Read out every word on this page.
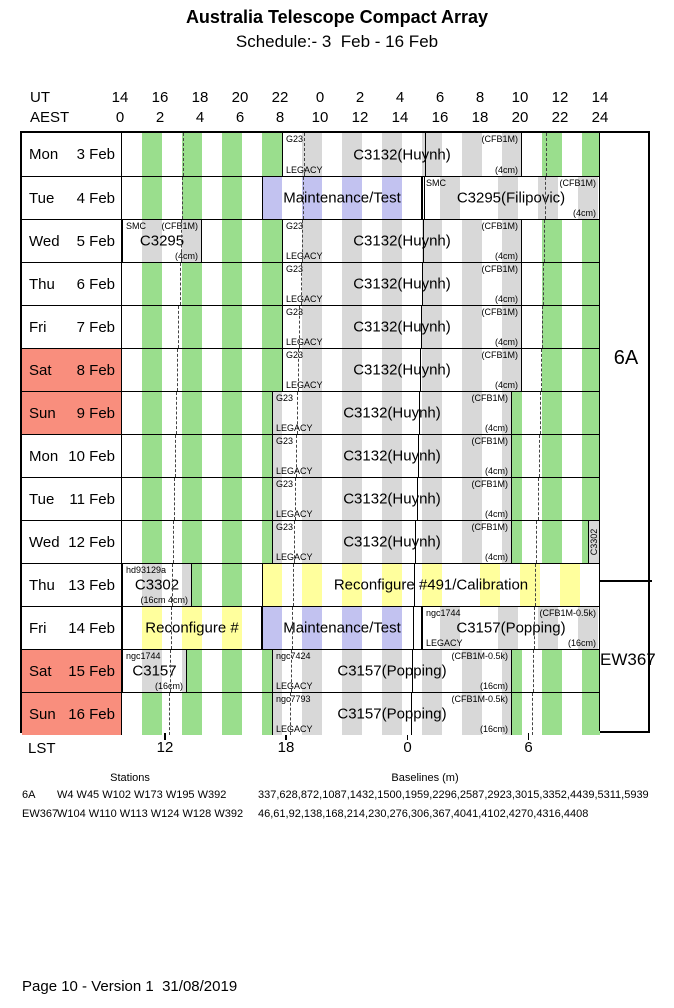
Australia Telescope Compact Array
Schedule:- 3  Feb - 16 Feb
UT
AEST
14 16 18 20 22 0 2 4 6 8 10 12 14
0 2 4 6 8 10 12 14 16 18 20 22 24
Mon 3 Feb	C3132(Huynh)
G23
LEGACY
(CFB1M)
(4cm)
Tue 4 Feb	Maintenance/Test	C3295(Filipovic)
SMC	(CFB1M)
(4cm)
Wed 5 Feb	C3295
SMC (CFB1M)
(4cm)
C3132(Huynh)
G23
LEGACY
(CFB1M)
(4cm)
Thu 6 Feb	C3132(Huynh)
G23
LEGACY
(CFB1M)
(4cm)
Fri 7 Feb	C3132(Huynh)
G23
LEGACY
(CFB1M)
(4cm)
Sat 8 Feb	C3132(Huynh)
G23
LEGACY
(CFB1M)
(4cm)
Sun 9 Feb	C3132(Huynh)
G23
LEGACY
(CFB1M)
(4cm)
Mon 10 Feb	C3132(Huynh)
G23
LEGACY
(CFB1M)
(4cm)
Tue 11 Feb	C3132(Huynh)
G23
LEGACY
(CFB1M)
(4cm)
Wed 12 Feb	C3132(Huynh)
G23
LEGACY
(CFB1M)
(4cm)
C3302
Thu 13 Feb	C3302
hd93129a
(16cm 4cm)
Reconfigure #491/Calibration
Fri 14 Feb	Reconfigure #	Maintenance/Test	C3157(Popping)
ngc1744
LEGACY
(CFB1M-0.5k)
(16cm)
Sat 15 Feb	C3157
ngc1744
(16cm)
C3157(Popping)
ngc7424
LEGACY
(CFB1M-0.5k)
(16cm)
Sun 16 Feb	C3157(Popping)
ngc7793
LEGACY
(CFB1M-0.5k)
(16cm)
6A
EW367
LST	12	18	0	6
Stations	Baselines (m)
6A W4 W45 W102 W173 W195 W392	337,628,872,1087,1432,1500,1959,2296,2587,2923,3015,3352,4439,5311,5939
EW367
W104 W110 W113 W124 W128 W392 46,61,92,138,168,214,230,276,306,367,4041,4102,4270,4316,4408
Page 10 - Version 1  31/08/2019
